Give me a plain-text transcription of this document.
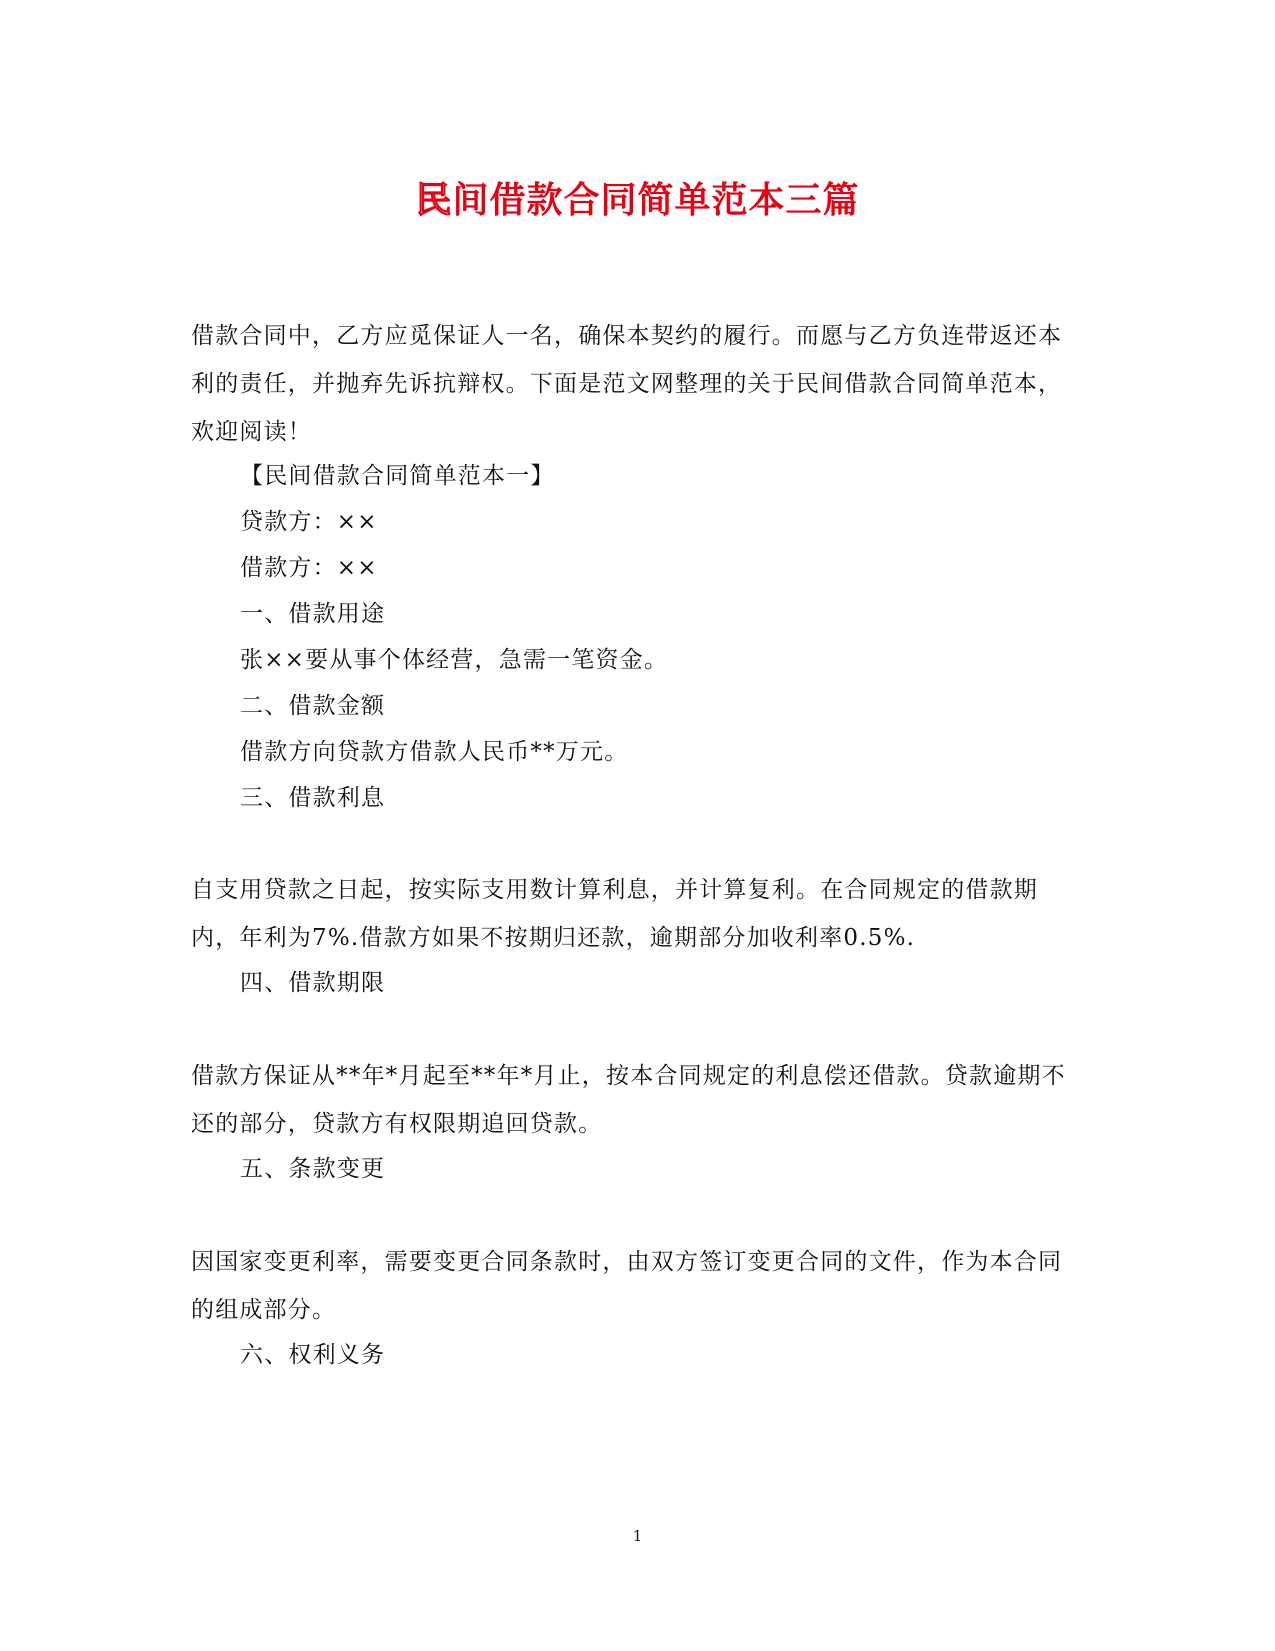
民间借款合同简单范本三篇

借款合同中，乙方应觅保证人一名，确保本契约的履行。而愿与乙方负连带返还本利的责任，并抛弃先诉抗辩权。下面是范文网整理的关于民间借款合同简单范本，欢迎阅读！

【民间借款合同简单范本一】

贷款方：××

借款方：××

一、借款用途

张××要从事个体经营，急需一笔资金。

二、借款金额

借款方向贷款方借款人民币**万元。

三、借款利息

自支用贷款之日起，按实际支用数计算利息，并计算复利。在合同规定的借款期内，年利为7%.借款方如果不按期归还款，逾期部分加收利率0.5%.

四、借款期限

借款方保证从**年*月起至**年*月止，按本合同规定的利息偿还借款。贷款逾期不还的部分，贷款方有权限期追回贷款。

五、条款变更

因国家变更利率，需要变更合同条款时，由双方签订变更合同的文件，作为本合同的组成部分。

六、权利义务

1
